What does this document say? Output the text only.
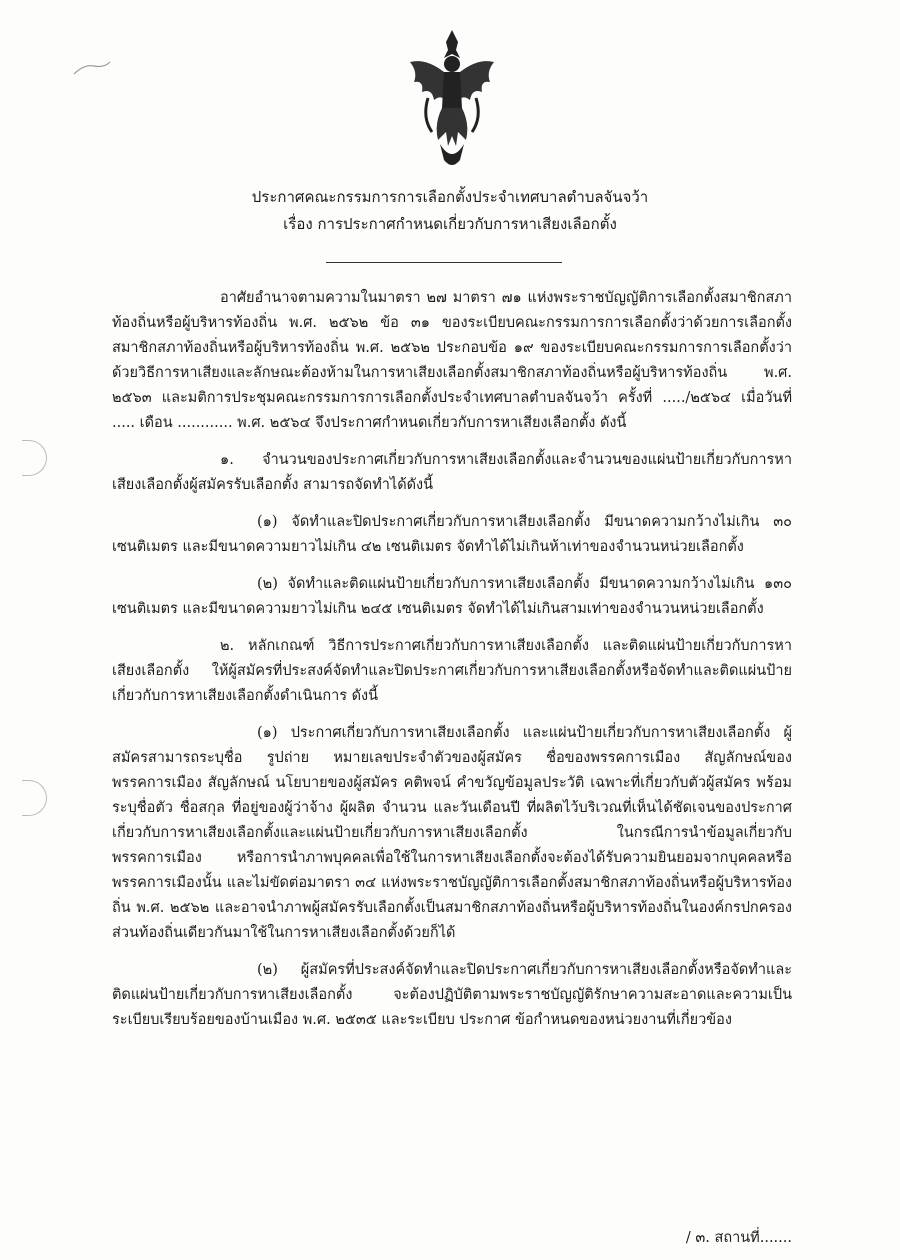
ประกาศคณะกรรมการการเลือกตั้งประจำเทศบาลตำบลจันจว้า
เรื่อง การประกาศกำหนดเกี่ยวกับการหาเสียงเลือกตั้ง

อาศัยอำนาจตามความในมาตรา ๒๗ มาตรา ๗๑ แห่งพระราชบัญญัติการเลือกตั้งสมาชิกสภาท้องถิ่นหรือผู้บริหารท้องถิ่น พ.ศ. ๒๕๖๒ ข้อ ๓๑ ของระเบียบคณะกรรมการการเลือกตั้งว่าด้วยการเลือกตั้งสมาชิกสภาท้องถิ่นหรือผู้บริหารท้องถิ่น พ.ศ. ๒๕๖๒ ประกอบข้อ ๑๙ ของระเบียบคณะกรรมการการเลือกตั้งว่าด้วยวิธีการหาเสียงและลักษณะต้องห้ามในการหาเสียงเลือกตั้งสมาชิกสภาท้องถิ่นหรือผู้บริหารท้องถิ่น พ.ศ. ๒๕๖๓ และมติการประชุมคณะกรรมการการเลือกตั้งประจำเทศบาลตำบลจันจว้า ครั้งที่ ...../๒๕๖๔ เมื่อวันที่ ..... เดือน ............ พ.ศ. ๒๕๖๔ จึงประกาศกำหนดเกี่ยวกับการหาเสียงเลือกตั้ง ดังนี้

๑. จำนวนของประกาศเกี่ยวกับการหาเสียงเลือกตั้งและจำนวนของแผ่นป้ายเกี่ยวกับการหาเสียงเลือกตั้งผู้สมัครรับเลือกตั้ง สามารถจัดทำได้ดังนี้

(๑) จัดทำและปิดประกาศเกี่ยวกับการหาเสียงเลือกตั้ง มีขนาดความกว้างไม่เกิน ๓๐ เซนติเมตร และมีขนาดความยาวไม่เกิน ๔๒ เซนติเมตร จัดทำได้ไม่เกินห้าเท่าของจำนวนหน่วยเลือกตั้ง

(๒) จัดทำและติดแผ่นป้ายเกี่ยวกับการหาเสียงเลือกตั้ง มีขนาดความกว้างไม่เกิน ๑๓๐ เซนติเมตร และมีขนาดความยาวไม่เกิน ๒๔๕ เซนติเมตร จัดทำได้ไม่เกินสามเท่าของจำนวนหน่วยเลือกตั้ง

๒. หลักเกณฑ์ วิธีการประกาศเกี่ยวกับการหาเสียงเลือกตั้ง และติดแผ่นป้ายเกี่ยวกับการหาเสียงเลือกตั้ง ให้ผู้สมัครที่ประสงค์จัดทำและปิดประกาศเกี่ยวกับการหาเสียงเลือกตั้งหรือจัดทำและติดแผ่นป้ายเกี่ยวกับการหาเสียงเลือกตั้งดำเนินการ ดังนี้

(๑) ประกาศเกี่ยวกับการหาเสียงเลือกตั้ง และแผ่นป้ายเกี่ยวกับการหาเสียงเลือกตั้ง ผู้สมัครสามารถระบุชื่อ รูปถ่าย หมายเลขประจำตัวของผู้สมัคร ชื่อของพรรคการเมือง สัญลักษณ์ของพรรคการเมือง สัญลักษณ์ นโยบายของผู้สมัคร คติพจน์ คำขวัญข้อมูลประวัติ เฉพาะที่เกี่ยวกับตัวผู้สมัคร พร้อมระบุชื่อตัว ชื่อสกุล ที่อยู่ของผู้ว่าจ้าง ผู้ผลิต จำนวน และวันเดือนปี ที่ผลิตไว้บริเวณที่เห็นได้ชัดเจนของประกาศเกี่ยวกับการหาเสียงเลือกตั้งและแผ่นป้ายเกี่ยวกับการหาเสียงเลือกตั้ง ในกรณีการนำข้อมูลเกี่ยวกับพรรคการเมือง หรือการนำภาพบุคคลเพื่อใช้ในการหาเสียงเลือกตั้งจะต้องได้รับความยินยอมจากบุคคลหรือพรรคการเมืองนั้น และไม่ขัดต่อมาตรา ๓๔ แห่งพระราชบัญญัติการเลือกตั้งสมาชิกสภาท้องถิ่นหรือผู้บริหารท้องถิ่น พ.ศ. ๒๕๖๒ และอาจนำภาพผู้สมัครรับเลือกตั้งเป็นสมาชิกสภาท้องถิ่นหรือผู้บริหารท้องถิ่นในองค์กรปกครองส่วนท้องถิ่นเดียวกันมาใช้ในการหาเสียงเลือกตั้งด้วยก็ได้

(๒) ผู้สมัครที่ประสงค์จัดทำและปิดประกาศเกี่ยวกับการหาเสียงเลือกตั้งหรือจัดทำและติดแผ่นป้ายเกี่ยวกับการหาเสียงเลือกตั้ง จะต้องปฏิบัติตามพระราชบัญญัติรักษาความสะอาดและความเป็นระเบียบเรียบร้อยของบ้านเมือง พ.ศ. ๒๕๓๕ และระเบียบ ประกาศ ข้อกำหนดของหน่วยงานที่เกี่ยวข้อง

/ ๓. สถานที่.......
